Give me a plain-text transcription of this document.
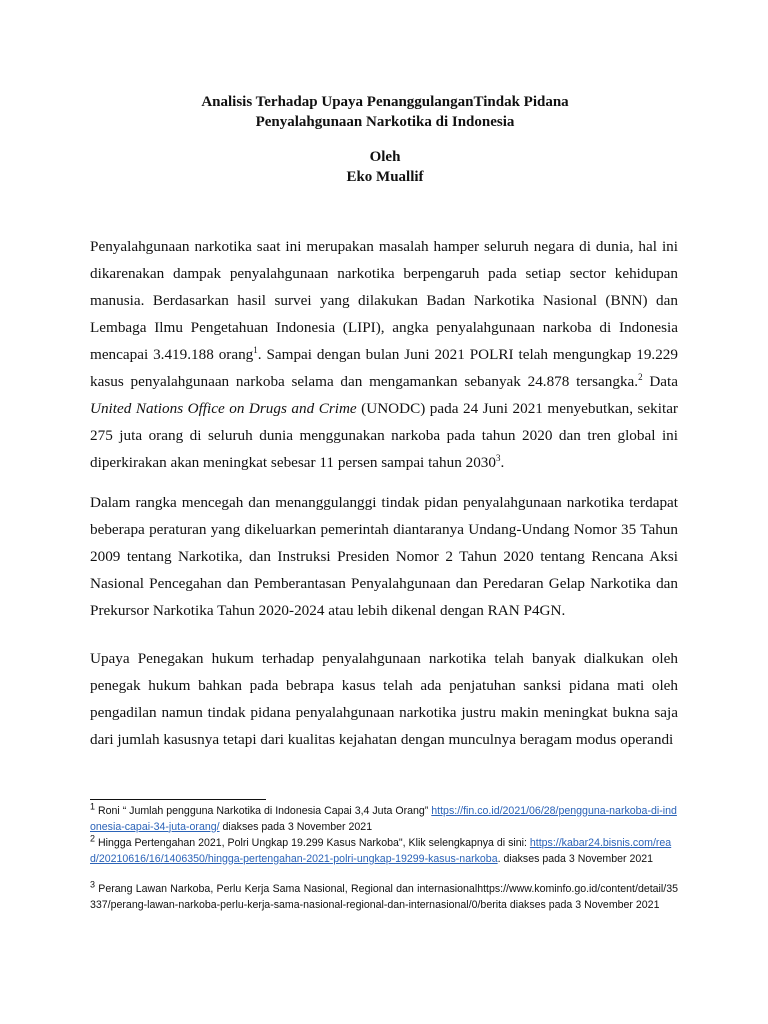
Analisis Terhadap Upaya PenanggulanganTindak Pidana
Penyalahgunaan Narkotika di Indonesia
Oleh
Eko Muallif

Penyalahgunaan narkotika saat ini merupakan masalah hamper seluruh negara di dunia, hal ini dikarenakan dampak penyalahgunaan narkotika berpengaruh pada setiap sector kehidupan manusia. Berdasarkan hasil survei yang dilakukan Badan Narkotika Nasional (BNN) dan Lembaga Ilmu Pengetahuan Indonesia (LIPI), angka penyalahgunaan narkoba di Indonesia mencapai 3.419.188 orang$^1$. Sampai dengan bulan Juni 2021 POLRI telah mengungkap 19.229 kasus penyalahgunaan narkoba selama dan mengamankan sebanyak 24.878 tersangka.$^2$ Data United Nations Office on Drugs and Crime (UNODC) pada 24 Juni 2021 menyebutkan, sekitar 275 juta orang di seluruh dunia menggunakan narkoba pada tahun 2020 dan tren global ini diperkirakan akan meningkat sebesar 11 persen sampai tahun 2030$^3$.

Dalam rangka mencegah dan menanggulanggi tindak pidan penyalahgunaan narkotika terdapat beberapa peraturan yang dikeluarkan pemerintah diantaranya Undang-Undang Nomor 35 Tahun 2009 tentang Narkotika, dan Instruksi Presiden Nomor 2 Tahun 2020 tentang Rencana Aksi Nasional Pencegahan dan Pemberantasan Penyalahgunaan dan Peredaran Gelap Narkotika dan Prekursor Narkotika Tahun 2020-2024 atau lebih dikenal dengan RAN P4GN.

Upaya Penegakan hukum terhadap penyalahgunaan narkotika telah banyak dialkukan oleh penegak hukum bahkan pada bebrapa kasus telah ada penjatuhan sanksi pidana mati oleh pengadilan namun tindak pidana penyalahgunaan narkotika justru makin meningkat bukna saja dari jumlah kasusnya tetapi dari kualitas kejahatan dengan munculnya beragam modus operandi

$^1$ Roni “ Jumlah pengguna Narkotika di Indonesia Capai 3,4 Juta Orang” https://fin.co.id/2021/06/28/pengguna-narkoba-di-indonesia-capai-34-juta-orang/ diakses pada 3 November 2021

$^2$ Hingga Pertengahan 2021, Polri Ungkap 19.299 Kasus Narkoba", Klik selengkapnya di sini: https://kabar24.bisnis.com/read/20210616/16/1406350/hingga-pertengahan-2021-polri-ungkap-19299-kasus-narkoba. diakses pada 3 November 2021

$^3$ Perang Lawan Narkoba, Perlu Kerja Sama Nasional, Regional dan internasionalhttps://www.kominfo.go.id/content/detail/35337/perang-lawan-narkoba-perlu-kerja-sama-nasional-regional-dan-internasional/0/berita diakses pada 3 November 2021
